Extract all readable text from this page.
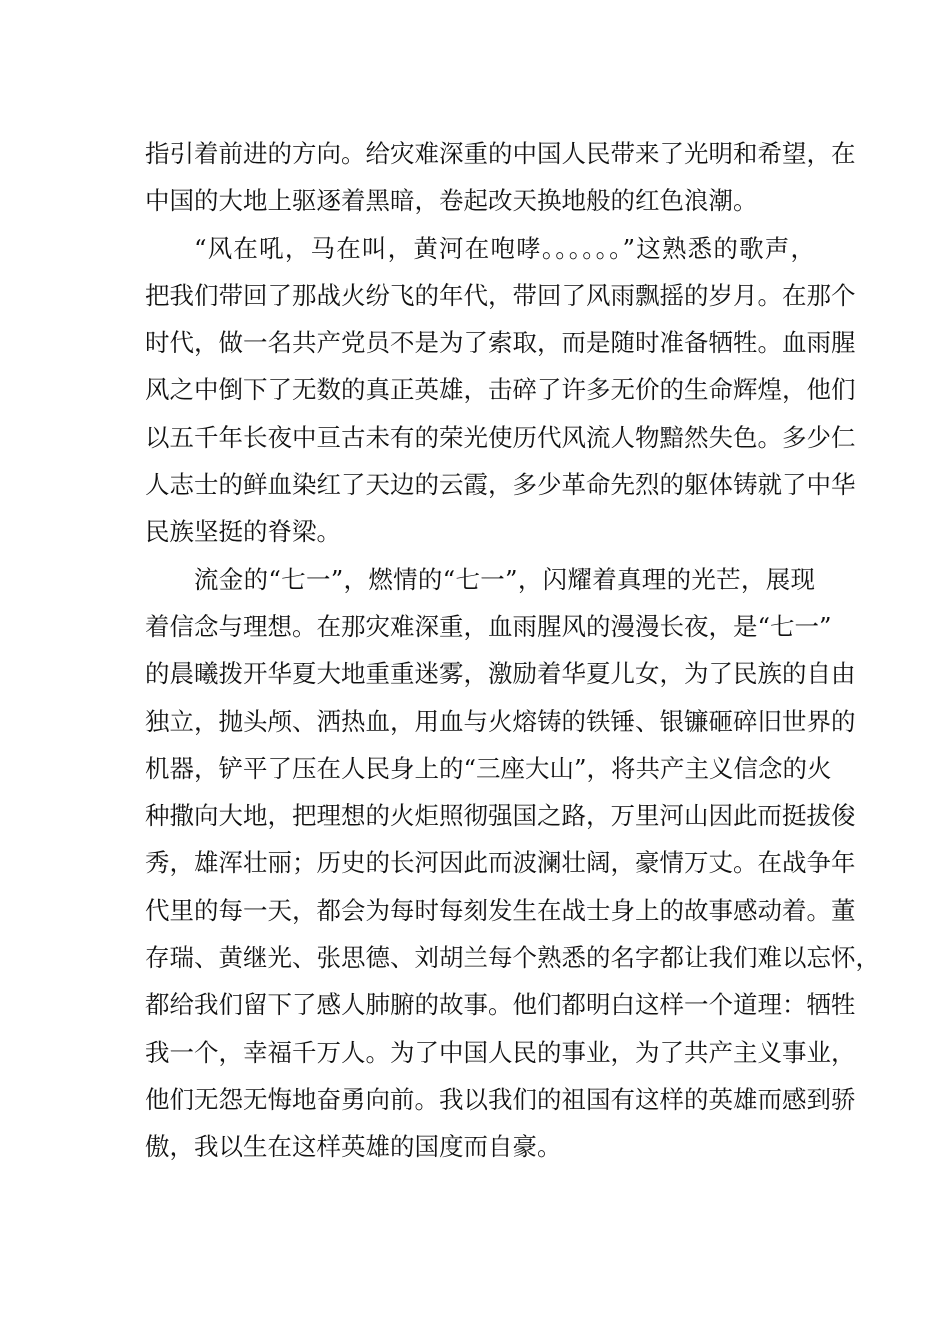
指引着前进的方向。给灾难深重的中国人民带来了光明和希望，在
中国的大地上驱逐着黑暗，卷起改天换地般的红色浪潮。

“风在吼，马在叫，黄河在咆哮。。。。。。”这熟悉的歌声，
把我们带回了那战火纷飞的年代，带回了风雨飘摇的岁月。在那个
时代，做一名共产党员不是为了索取，而是随时准备牺牲。血雨腥
风之中倒下了无数的真正英雄，击碎了许多无价的生命辉煌，他们
以五千年长夜中亘古未有的荣光使历代风流人物黯然失色。多少仁
人志士的鲜血染红了天边的云霞，多少革命先烈的躯体铸就了中华
民族坚挺的脊梁。

流金的“七一”，燃情的“七一”，闪耀着真理的光芒，展现
着信念与理想。在那灾难深重，血雨腥风的漫漫长夜，是“七一”
的晨曦拨开华夏大地重重迷雾，激励着华夏儿女，为了民族的自由
独立，抛头颅、洒热血，用血与火熔铸的铁锤、银镰砸碎旧世界的
机器，铲平了压在人民身上的“三座大山”，将共产主义信念的火
种撒向大地，把理想的火炬照彻强国之路，万里河山因此而挺拔俊
秀，雄浑壮丽；历史的长河因此而波澜壮阔，豪情万丈。在战争年
代里的每一天，都会为每时每刻发生在战士身上的故事感动着。董
存瑞、黄继光、张思德、刘胡兰每个熟悉的名字都让我们难以忘怀，
都给我们留下了感人肺腑的故事。他们都明白这样一个道理：牺牲
我一个，幸福千万人。为了中国人民的事业，为了共产主义事业，
他们无怨无悔地奋勇向前。我以我们的祖国有这样的英雄而感到骄
傲，我以生在这样英雄的国度而自豪。
